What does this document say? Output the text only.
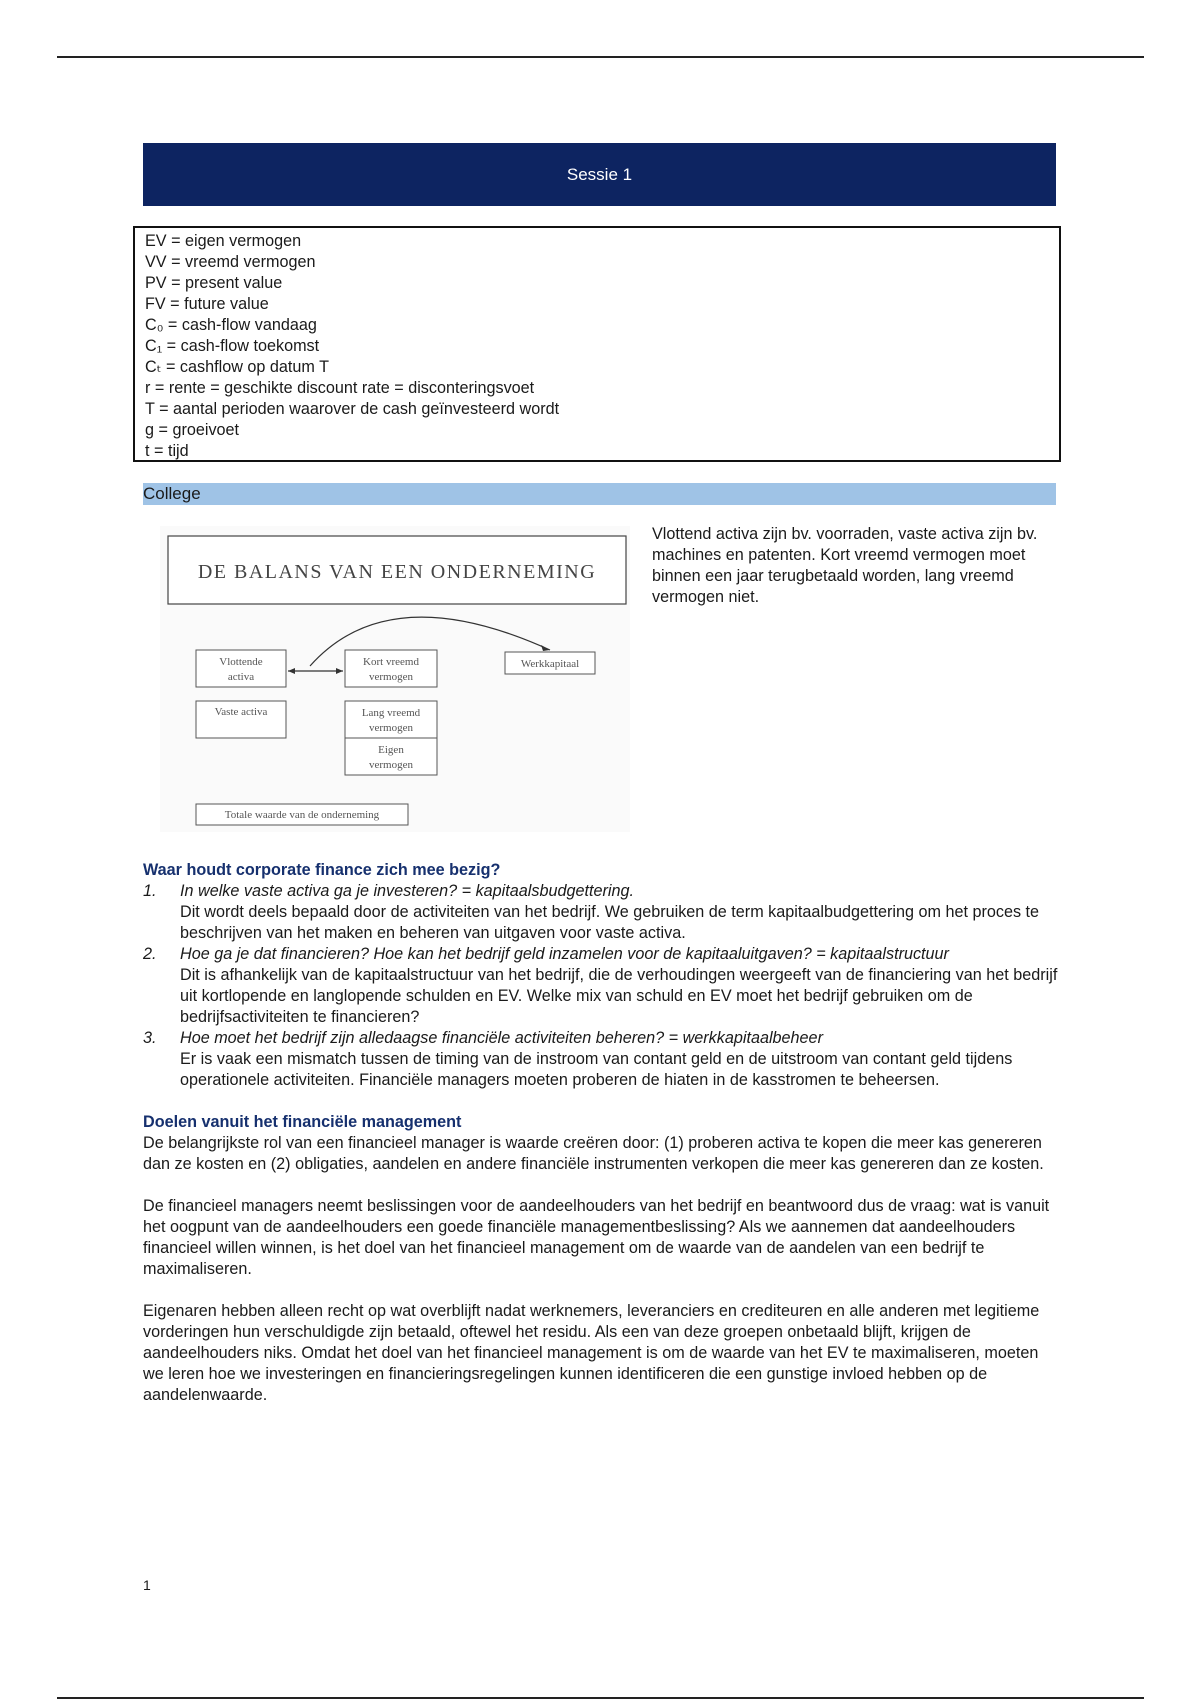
Sessie 1
EV = eigen vermogen
VV = vreemd vermogen
PV = present value
FV = future value
C₀ = cash-flow vandaag
C₁ = cash-flow toekomst
Cₜ = cashflow op datum T
r = rente = geschikte discount rate = disconteringsvoet
T = aantal perioden waarover de cash geïnvesteerd wordt
g = groeivoet
t = tijd
College
DE BALANS VAN EEN ONDERNEMING
Vlottende
activa
Vaste activa
Kort vreemd
vermogen
Lang vreemd
vermogen
Eigen
vermogen
Werkkapitaal
Totale waarde van de onderneming
Vlottend activa zijn bv. voorraden, vaste activa zijn bv. machines en patenten. Kort vreemd vermogen moet binnen een jaar terugbetaald worden, lang vreemd vermogen niet.
Waar houdt corporate finance zich mee bezig?
1. In welke vaste activa ga je investeren? = kapitaalsbudgettering.
Dit wordt deels bepaald door de activiteiten van het bedrijf. We gebruiken de term kapitaalbudgettering om het proces te beschrijven van het maken en beheren van uitgaven voor vaste activa.
2. Hoe ga je dat financieren? Hoe kan het bedrijf geld inzamelen voor de kapitaaluitgaven? = kapitaalstructuur
Dit is afhankelijk van de kapitaalstructuur van het bedrijf, die de verhoudingen weergeeft van de financiering van het bedrijf uit kortlopende en langlopende schulden en EV. Welke mix van schuld en EV moet het bedrijf gebruiken om de bedrijfsactiviteiten te financieren?
3. Hoe moet het bedrijf zijn alledaagse financiële activiteiten beheren? = werkkapitaalbeheer
Er is vaak een mismatch tussen de timing van de instroom van contant geld en de uitstroom van contant geld tijdens operationele activiteiten. Financiële managers moeten proberen de hiaten in de kasstromen te beheersen.
Doelen vanuit het financiële management
De belangrijkste rol van een financieel manager is waarde creëren door: (1) proberen activa te kopen die meer kas genereren dan ze kosten en (2) obligaties, aandelen en andere financiële instrumenten verkopen die meer kas genereren dan ze kosten.
De financieel managers neemt beslissingen voor de aandeelhouders van het bedrijf en beantwoord dus de vraag: wat is vanuit het oogpunt van de aandeelhouders een goede financiële managementbeslissing? Als we aannemen dat aandeelhouders financieel willen winnen, is het doel van het financieel management om de waarde van de aandelen van een bedrijf te maximaliseren.
Eigenaren hebben alleen recht op wat overblijft nadat werknemers, leveranciers en crediteuren en alle anderen met legitieme vorderingen hun verschuldigde zijn betaald, oftewel het residu. Als een van deze groepen onbetaald blijft, krijgen de aandeelhouders niks. Omdat het doel van het financieel management is om de waarde van het EV te maximaliseren, moeten we leren hoe we investeringen en financieringsregelingen kunnen identificeren die een gunstige invloed hebben op de aandelenwaarde.
1
